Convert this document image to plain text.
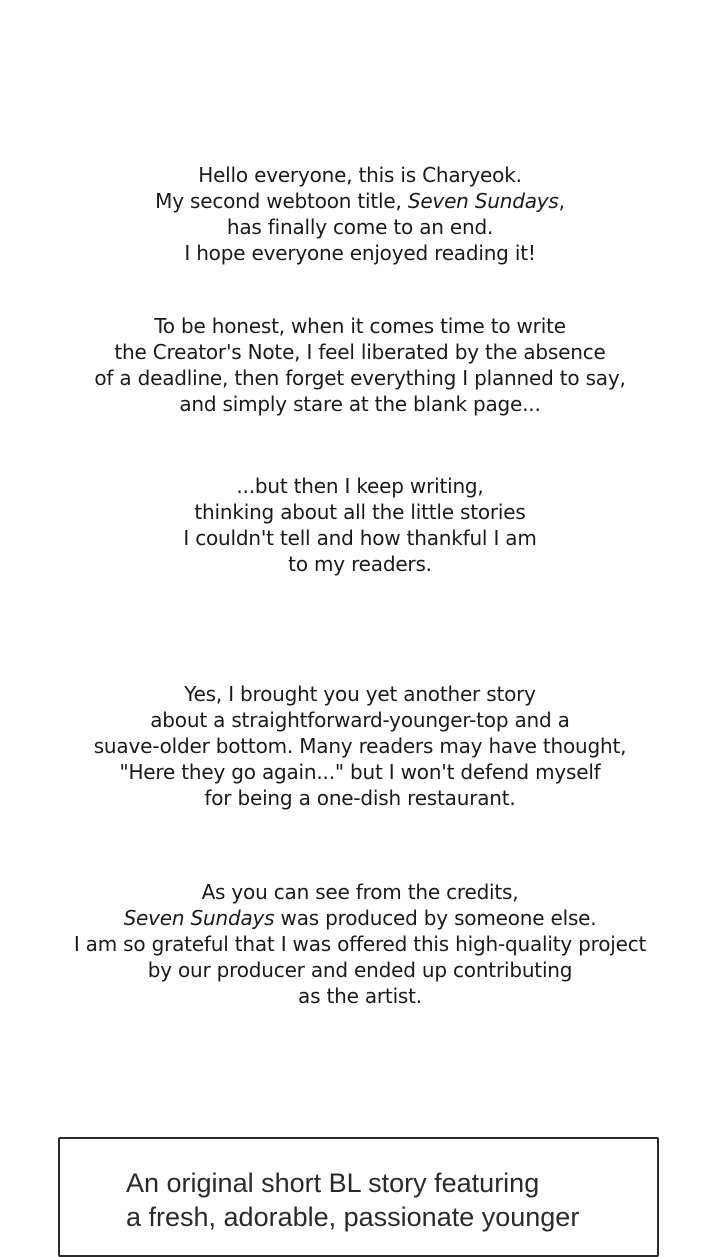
Hello everyone, this is Charyeok.
My second webtoon title, Seven Sundays,
has finally come to an end.
I hope everyone enjoyed reading it!
To be honest, when it comes time to write
the Creator's Note, I feel liberated by the absence
of a deadline, then forget everything I planned to say,
and simply stare at the blank page...
...but then I keep writing,
thinking about all the little stories
I couldn't tell and how thankful I am
to my readers.
Yes, I brought you yet another story
about a straightforward-younger-top and a
suave-older bottom. Many readers may have thought,
"Here they go again..." but I won't defend myself
for being a one-dish restaurant.
As you can see from the credits,
Seven Sundays was produced by someone else.
I am so grateful that I was offered this high-quality project
by our producer and ended up contributing
as the artist.
An original short BL story featuring
a fresh, adorable, passionate younger
